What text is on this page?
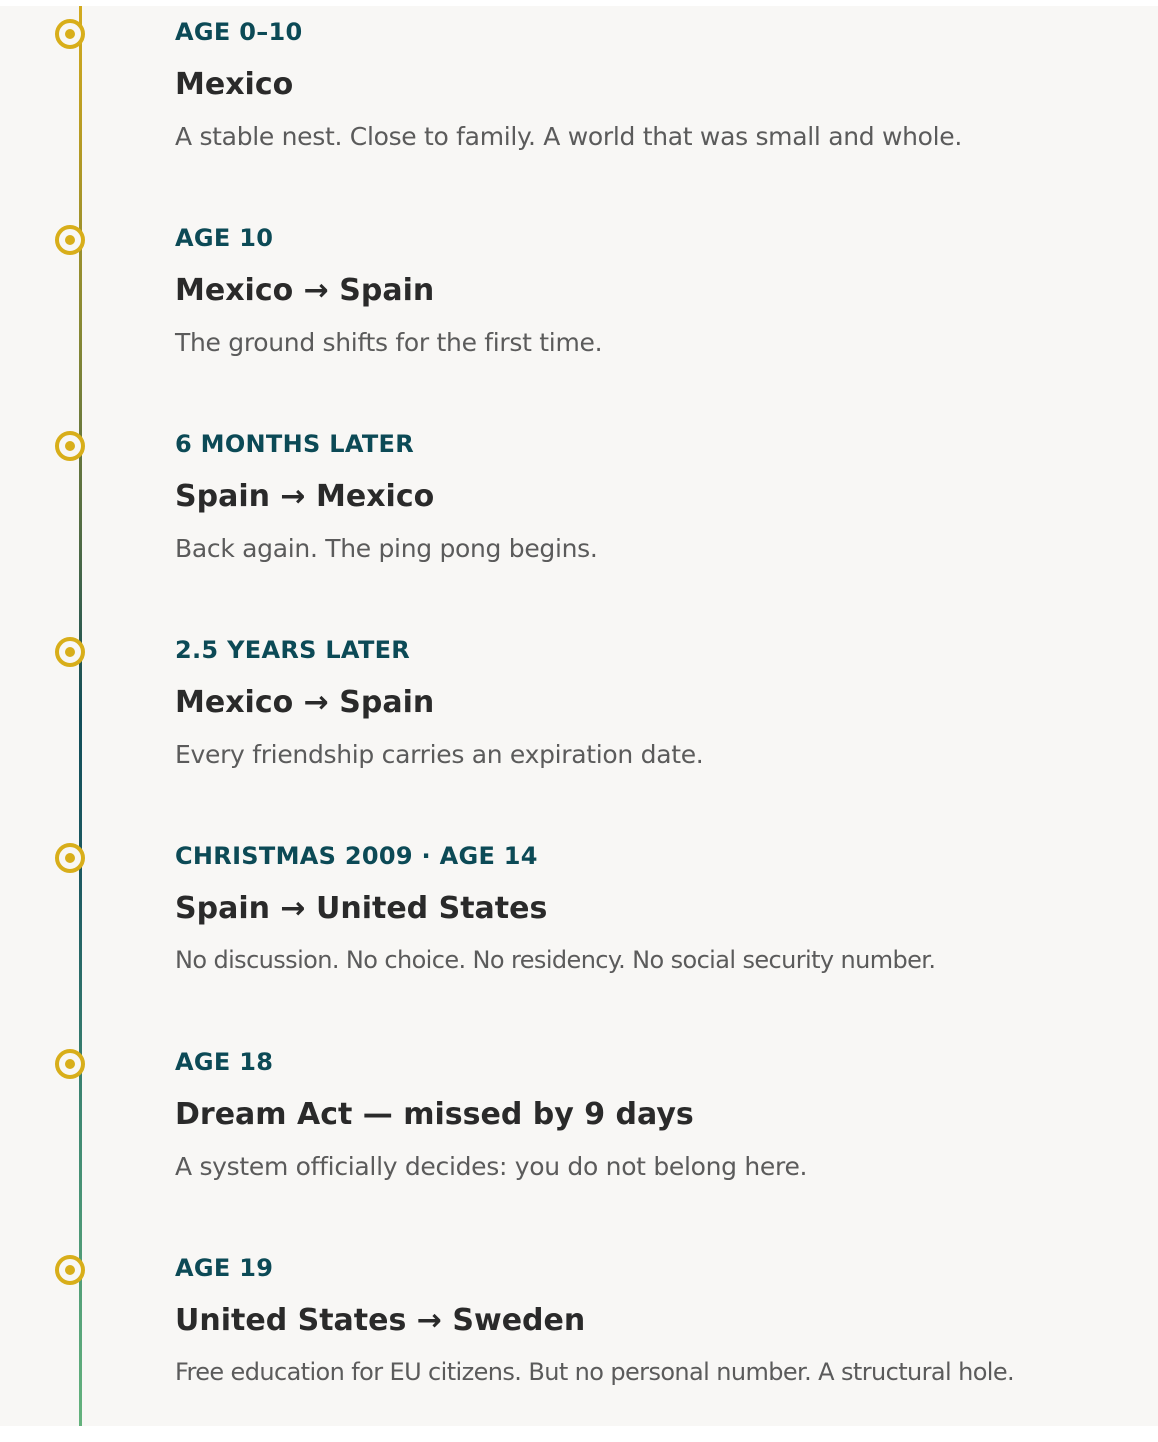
AGE 0–10
Mexico
A stable nest. Close to family. A world that was small and whole.
AGE 10
Mexico → Spain
The ground shifts for the first time.
6 MONTHS LATER
Spain → Mexico
Back again. The ping pong begins.
2.5 YEARS LATER
Mexico → Spain
Every friendship carries an expiration date.
CHRISTMAS 2009 · AGE 14
Spain → United States
No discussion. No choice. No residency. No social security number.
AGE 18
Dream Act — missed by 9 days
A system officially decides: you do not belong here.
AGE 19
United States → Sweden
Free education for EU citizens. But no personal number. A structural hole.
